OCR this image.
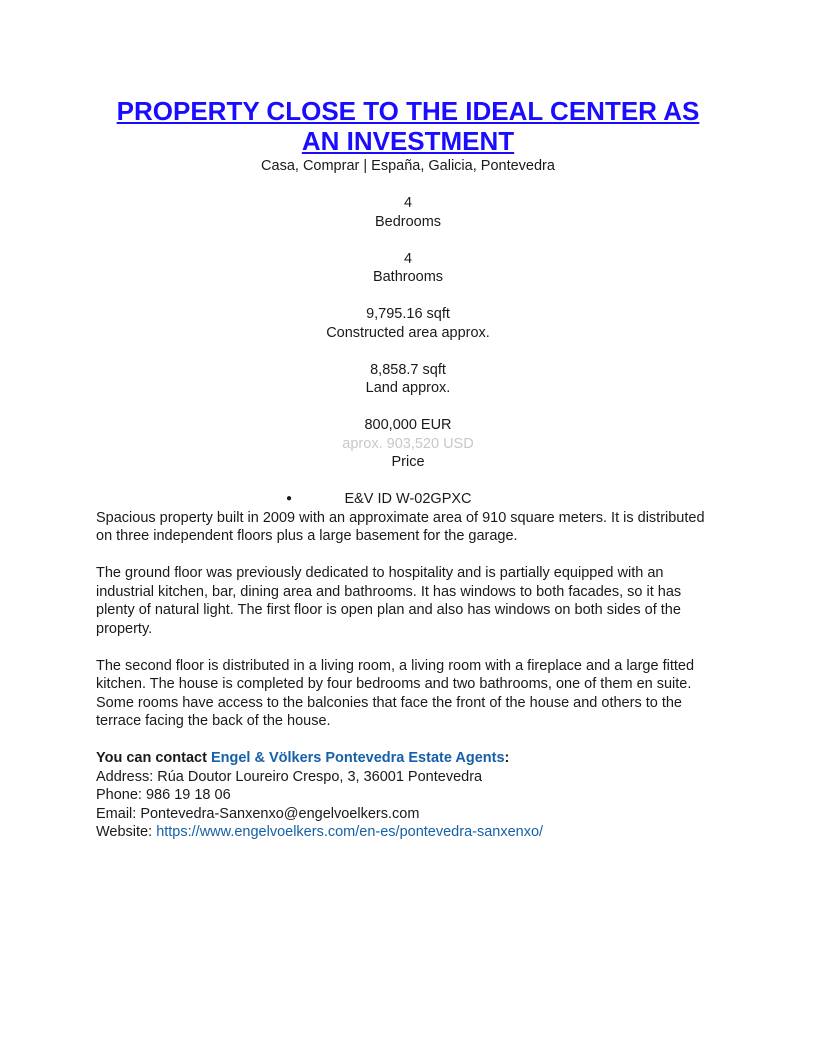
PROPERTY CLOSE TO THE IDEAL CENTER AS
AN INVESTMENT
Casa, Comprar | España, Galicia, Pontevedra
4
Bedrooms
4
Bathrooms
9,795.16 sqft
Constructed area approx.
8,858.7 sqft
Land approx.
800,000 EUR
aprox. 903,520 USD
Price
●	E&V ID W-02GPXC

Spacious property built in 2009 with an approximate area of 910 square meters. It is distributed on three independent floors plus a large basement for the garage.

The ground floor was previously dedicated to hospitality and is partially equipped with an industrial kitchen, bar, dining area and bathrooms. It has windows to both facades, so it has plenty of natural light. The first floor is open plan and also has windows on both sides of the property.

The second floor is distributed in a living room, a living room with a fireplace and a large fitted kitchen. The house is completed by four bedrooms and two bathrooms, one of them en suite. Some rooms have access to the balconies that face the front of the house and others to the terrace facing the back of the house.

You can contact Engel & Völkers Pontevedra Estate Agents:

Address: Rúa Doutor Loureiro Crespo, 3, 36001 Pontevedra

Phone: 986 19 18 06

Email: Pontevedra-Sanxenxo@engelvoelkers.com

Website: https://www.engelvoelkers.com/en-es/pontevedra-sanxenxo/
